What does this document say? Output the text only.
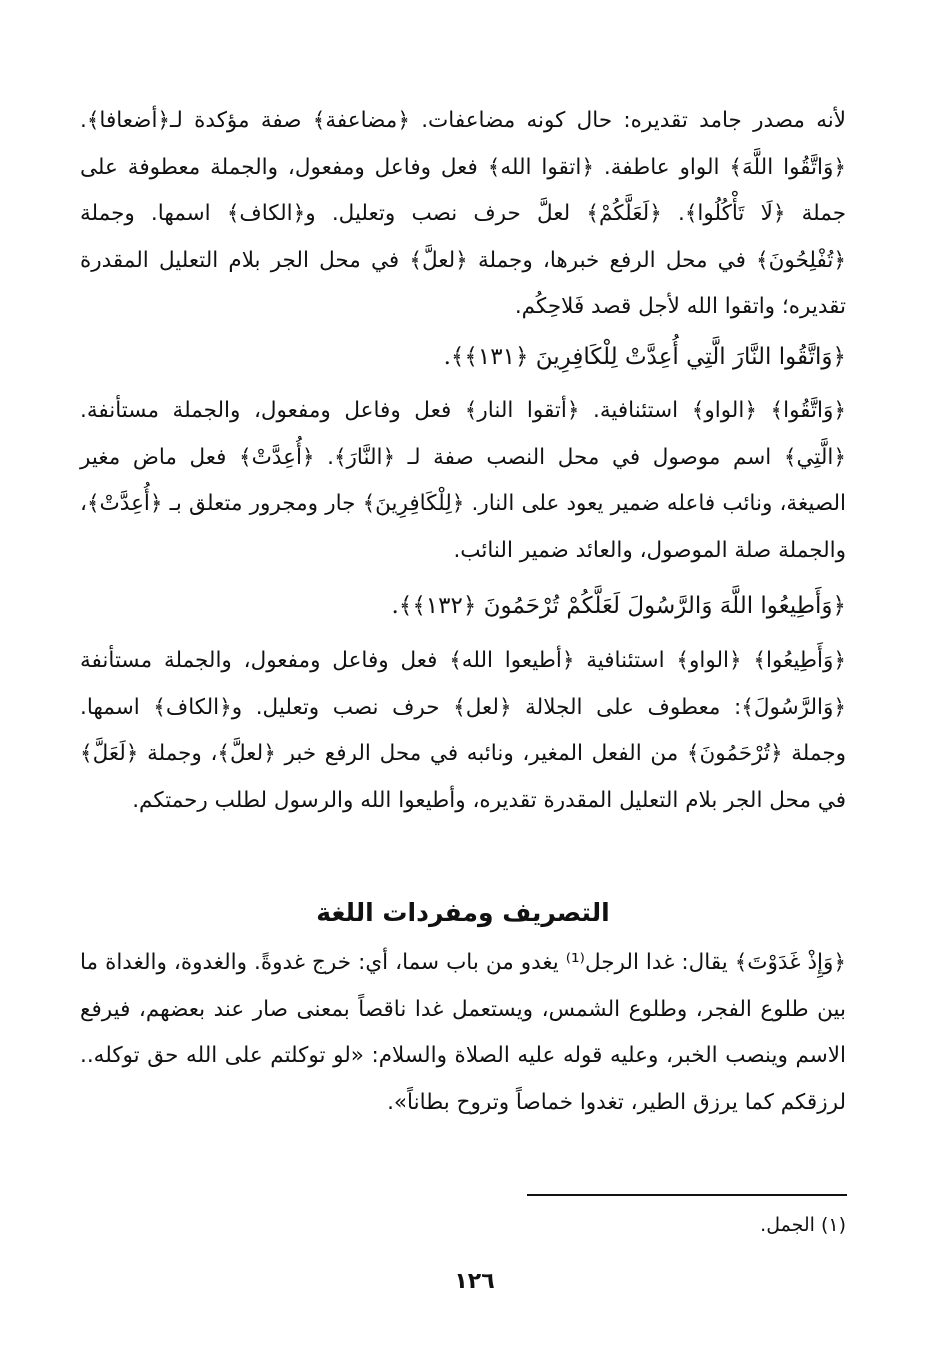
لأنه مصدر جامد تقديره: حال كونه مضاعفات. ﴿مضاعفة﴾ صفة مؤكدة لـ﴿أضعافا﴾. ﴿وَاتَّقُوا اللَّهَ﴾ الواو عاطفة. ﴿اتقوا الله﴾ فعل وفاعل ومفعول، والجملة معطوفة على جملة ﴿لَا تَأْكُلُوا﴾. ﴿لَعَلَّكُمْ﴾ لعلَّ حرف نصب وتعليل. و﴿الكاف﴾ اسمها. وجملة ﴿تُفْلِحُونَ﴾ في محل الرفع خبرها، وجملة ﴿لعلَّ﴾ في محل الجر بلام التعليل المقدرة تقديره؛ واتقوا الله لأجل قصد فَلاحِكُم.

﴿وَاتَّقُوا النَّارَ الَّتِي أُعِدَّتْ لِلْكَافِرِينَ ﴿١٣١﴾﴾.

﴿وَاتَّقُوا﴾ ﴿الواو﴾ استئنافية. ﴿أتقوا النار﴾ فعل وفاعل ومفعول، والجملة مستأنفة. ﴿الَّتِي﴾ اسم موصول في محل النصب صفة لـ ﴿النَّارَ﴾. ﴿أُعِدَّتْ﴾ فعل ماض مغير الصيغة، ونائب فاعله ضمير يعود على النار. ﴿لِلْكَافِرِينَ﴾ جار ومجرور متعلق بـ ﴿أُعِدَّتْ﴾، والجملة صلة الموصول، والعائد ضمير النائب.

﴿وَأَطِيعُوا اللَّهَ وَالرَّسُولَ لَعَلَّكُمْ تُرْحَمُونَ ﴿١٣٢﴾﴾.

﴿وَأَطِيعُوا﴾ ﴿الواو﴾ استئنافية ﴿أطيعوا الله﴾ فعل وفاعل ومفعول، والجملة مستأنفة ﴿وَالرَّسُولَ﴾: معطوف على الجلالة ﴿لعل﴾ حرف نصب وتعليل. و﴿الكاف﴾ اسمها. وجملة ﴿تُرْحَمُونَ﴾ من الفعل المغير، ونائبه في محل الرفع خبر ﴿لعلَّ﴾، وجملة ﴿لَعَلَّ﴾ في محل الجر بلام التعليل المقدرة تقديره، وأطيعوا الله والرسول لطلب رحمتكم.

التصريف ومفردات اللغة

﴿وَإِذْ غَدَوْتَ﴾ يقال: غدا الرجل⁽¹⁾ يغدو من باب سما، أي: خرج غدوةً. والغدوة، والغداة ما بين طلوع الفجر، وطلوع الشمس، ويستعمل غدا ناقصاً بمعنى صار عند بعضهم، فيرفع الاسم وينصب الخبر، وعليه قوله عليه الصلاة والسلام: «لو توكلتم على الله حق توكله.. لرزقكم كما يرزق الطير، تغدوا خماصاً وتروح بطاناً».

(١) الجمل.

١٢٦
